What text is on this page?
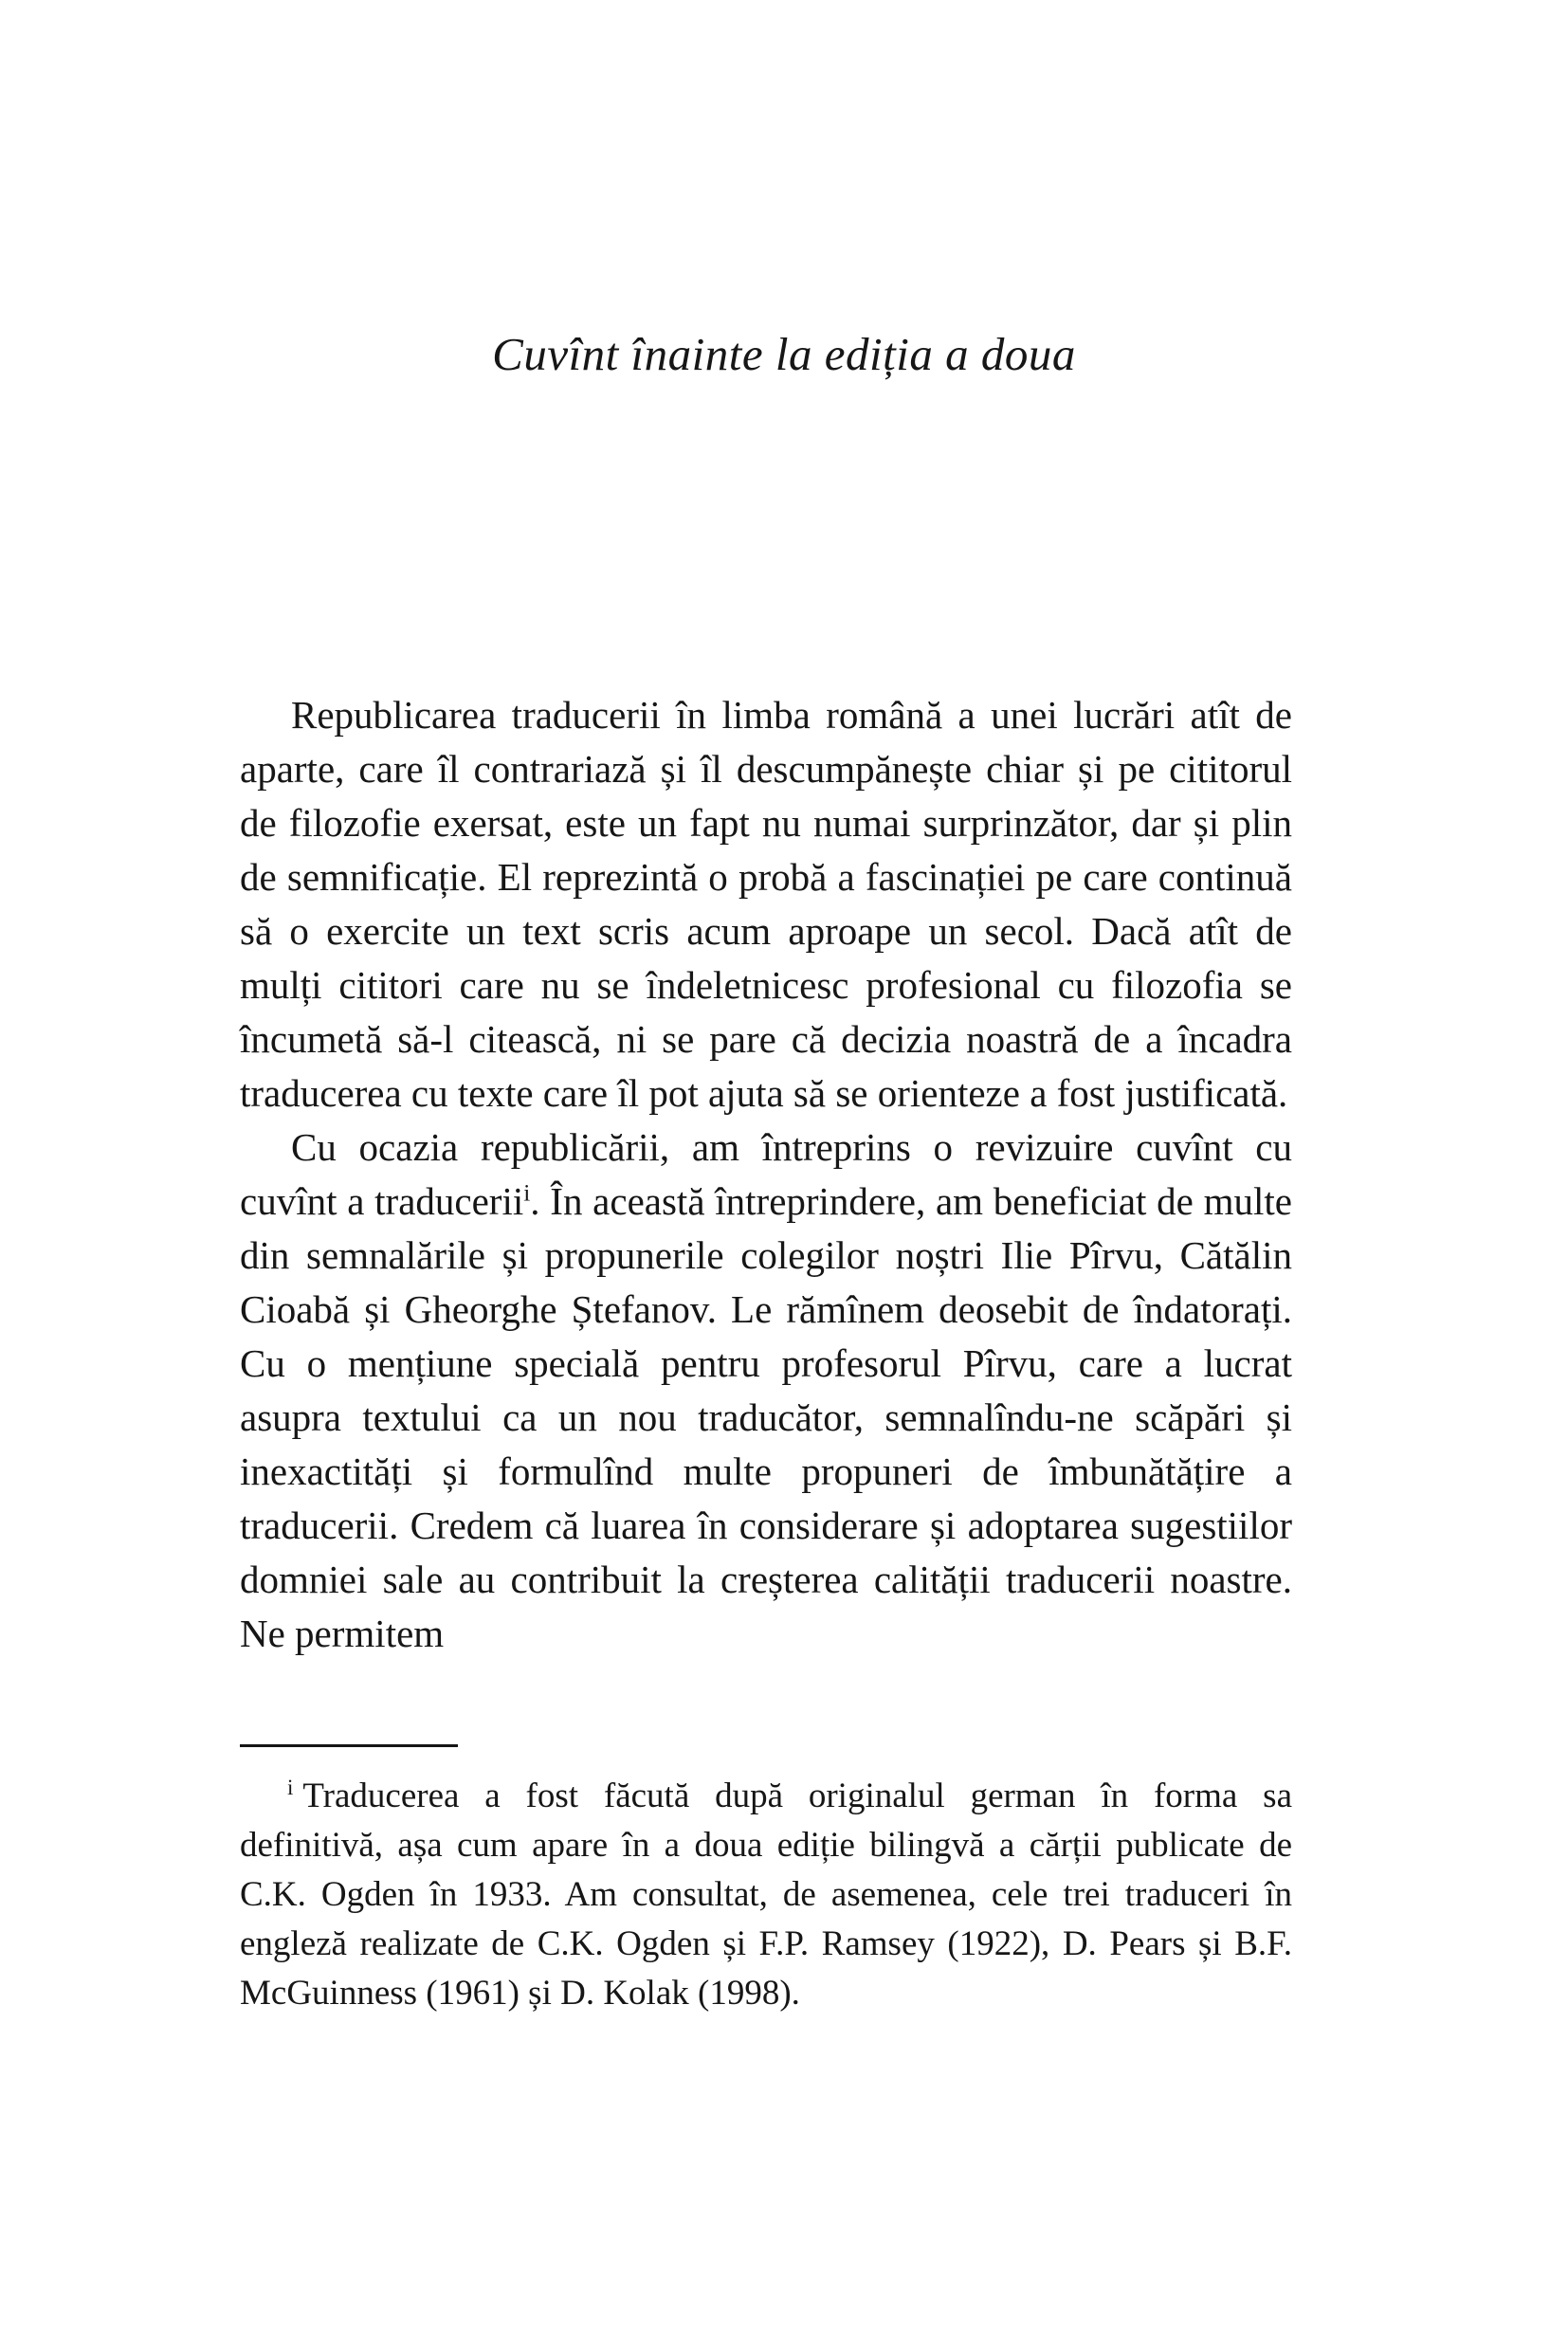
Cuvînt înainte la ediția a doua

Republicarea traducerii în limba română a unei lucrări atît de aparte, care îl contrariază și îl descumpănește chiar și pe cititorul de filozofie exersat, este un fapt nu numai surprinzător, dar și plin de semnificație. El reprezintă o probă a fascinației pe care continuă să o exercite un text scris acum aproape un secol. Dacă atît de mulți cititori care nu se îndeletnicesc profesional cu filozofia se încumetă să-l citească, ni se pare că decizia noastră de a încadra traducerea cu texte care îl pot ajuta să se orienteze a fost justificată.

Cu ocazia republicării, am întreprins o revizuire cuvînt cu cuvînt a traducerii$^i$. În această întreprindere, am beneficiat de multe din semnalările și propunerile colegilor noștri Ilie Pîrvu, Cătălin Cioabă și Gheorghe Ștefanov. Le rămînem deosebit de îndatorați. Cu o mențiune specială pentru profesorul Pîrvu, care a lucrat asupra textului ca un nou traducător, semnalîndu-ne scăpări și inexactități și formulînd multe propuneri de îmbunătățire a traducerii. Credem că luarea în considerare și adoptarea sugestiilor domniei sale au contribuit la creșterea calității traducerii noastre. Ne permitem

$^i$ Traducerea a fost făcută după originalul german în forma sa definitivă, așa cum apare în a doua ediție bilingvă a cărții publicate de C.K. Ogden în 1933. Am consultat, de asemenea, cele trei traduceri în engleză realizate de C.K. Ogden și F.P. Ramsey (1922), D. Pears și B.F. McGuinness (1961) și D. Kolak (1998).
